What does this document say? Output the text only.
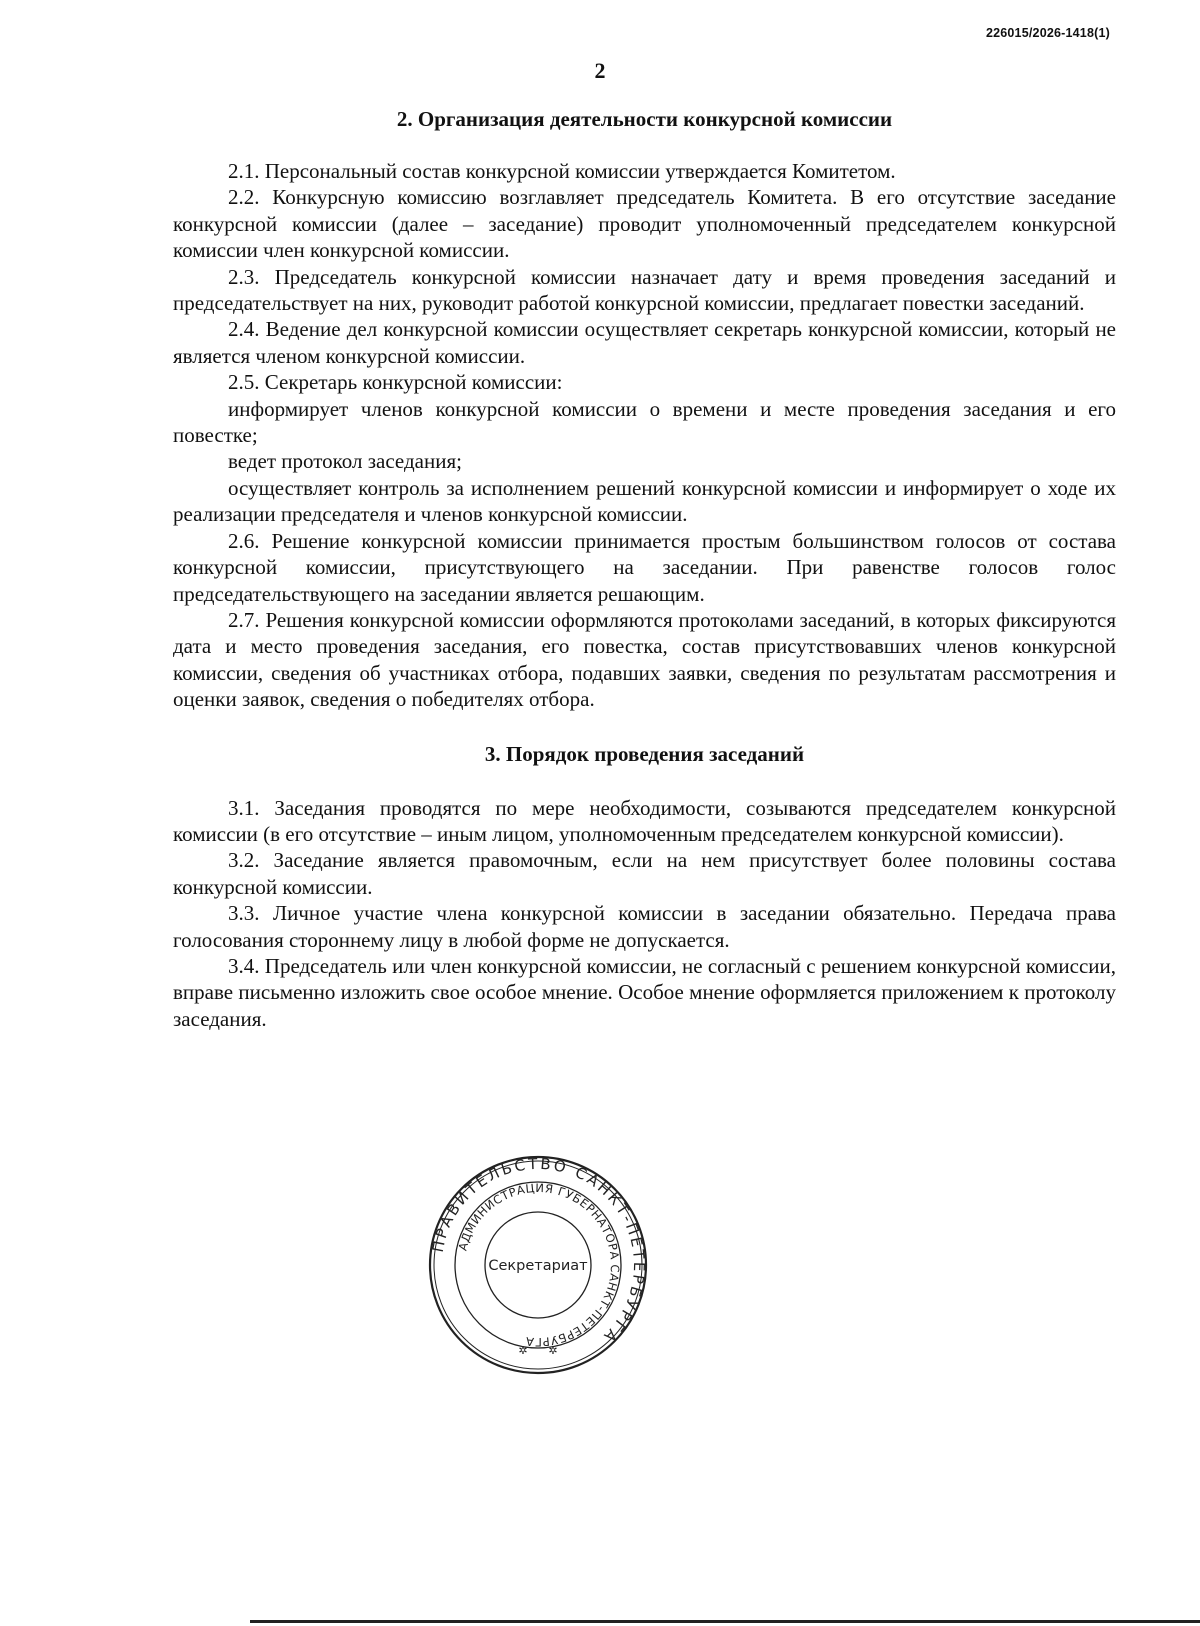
226015/2026-1418(1)
2
2. Организация деятельности конкурсной комиссии

2.1. Персональный состав конкурсной комиссии утверждается Комитетом.

2.2. Конкурсную комиссию возглавляет председатель Комитета. В его отсутствие заседание конкурсной комиссии (далее – заседание) проводит уполномоченный председателем конкурсной комиссии член конкурсной комиссии.

2.3. Председатель конкурсной комиссии назначает дату и время проведения заседаний и председательствует на них, руководит работой конкурсной комиссии, предлагает повестки заседаний.

2.4. Ведение дел конкурсной комиссии осуществляет секретарь конкурсной комиссии, который не является членом конкурсной комиссии.

2.5. Секретарь конкурсной комиссии:

информирует членов конкурсной комиссии о времени и месте проведения заседания и его повестке;

ведет протокол заседания;

осуществляет контроль за исполнением решений конкурсной комиссии и информирует о ходе их реализации председателя и членов конкурсной комиссии.

2.6. Решение конкурсной комиссии принимается простым большинством голосов от состава конкурсной комиссии, присутствующего на заседании. При равенстве голосов голос председательствующего на заседании является решающим.

2.7. Решения конкурсной комиссии оформляются протоколами заседаний, в которых фиксируются дата и место проведения заседания, его повестка, состав присутствовавших членов конкурсной комиссии, сведения об участниках отбора, подавших заявки, сведения по результатам рассмотрения и оценки заявок, сведения о победителях отбора.

3. Порядок проведения заседаний

3.1. Заседания проводятся по мере необходимости, созываются председателем конкурсной комиссии (в его отсутствие – иным лицом, уполномоченным председателем конкурсной комиссии).

3.2. Заседание является правомочным, если на нем присутствует более половины состава конкурсной комиссии.

3.3. Личное участие члена конкурсной комиссии в заседании обязательно. Передача права голосования стороннему лицу в любой форме не допускается.

3.4. Председатель или член конкурсной комиссии, не согласный с решением конкурсной комиссии, вправе письменно изложить свое особое мнение. Особое мнение оформляется приложением к протоколу заседания.

ПРАВИТЕЛЬСТВО САНКТ-ПЕТЕРБУРГА
АДМИНИСТРАЦИЯ ГУБЕРНАТОРА САНКТ-ПЕТЕРБУРГА
Секретариат
✲ ✲
